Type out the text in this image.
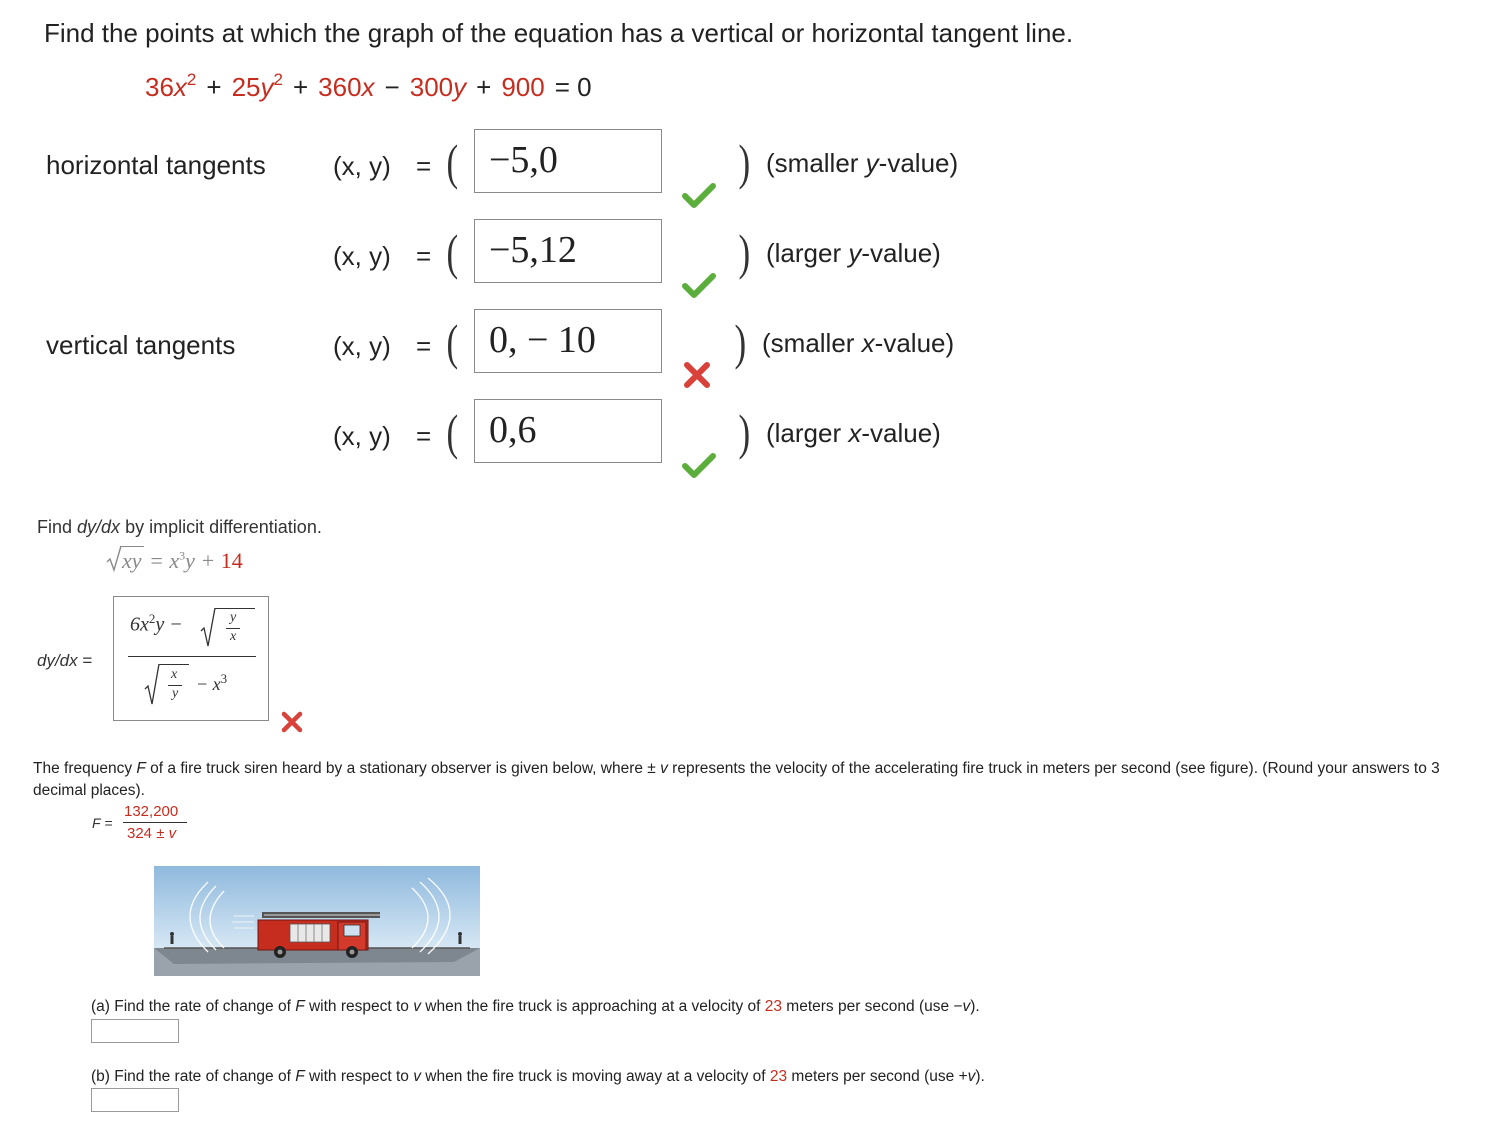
Find the points at which the graph of the equation has a vertical or horizontal tangent line.
$36x^2 + 25y^2 + 360x - 300y + 900 = 0$
horizontal tangents
vertical tangents
(x, y) = ( −5,0	) (smaller y-value)
(x, y) = ( −5,12	) (larger y-value)
(x, y) = ( 0, − 10	) (smaller x-value)
(x, y) = ( 0,6	) (larger x-value)
Find dy/dx by implicit differentiation.
xy = $x^3y + 14$
dy/dx =
$6x^2y$ −	y
x
x
$y - x^3$
The frequency F of a fire truck siren heard by a stationary observer is given below, where ± v represents the velocity of the accelerating fire truck in meters per second (see figure). (Round your answers to 3 decimal places).
F =
132,200
324 ± v
(a) Find the rate of change of F with respect to v when the fire truck is approaching at a velocity of 23 meters per second (use −v).
(b) Find the rate of change of F with respect to v when the fire truck is moving away at a velocity of 23 meters per second (use +v).
